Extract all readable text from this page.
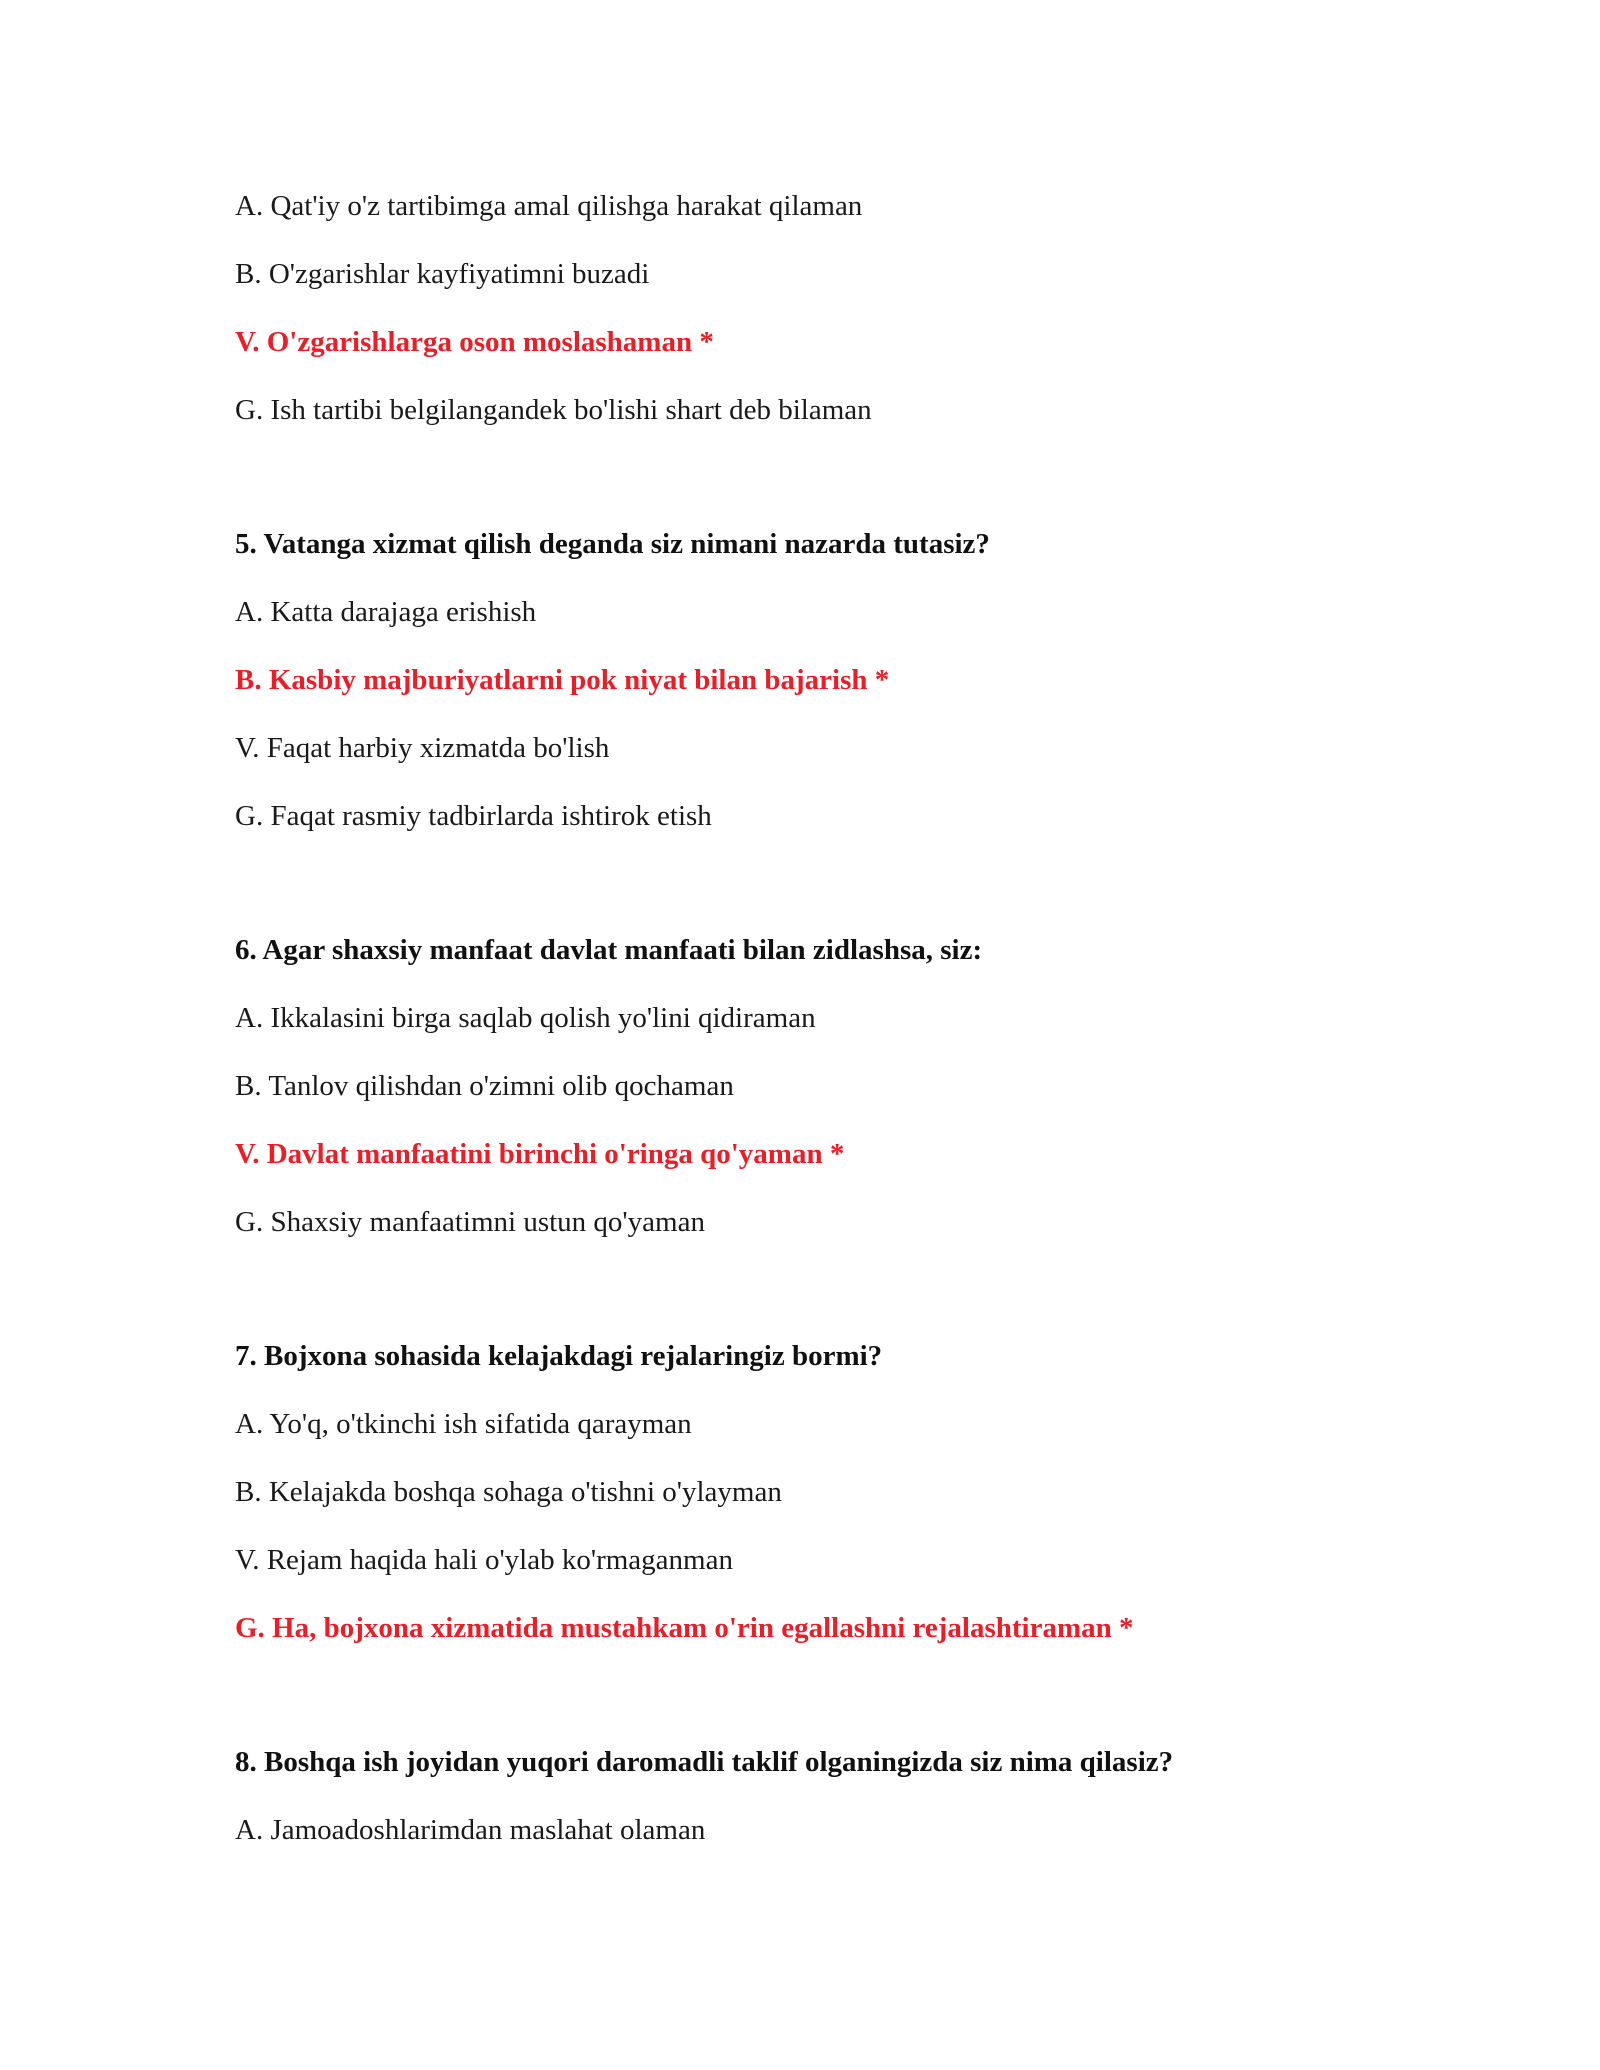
A. Qat'iy o'z tartibimga amal qilishga harakat qilaman
B. O'zgarishlar kayfiyatimni buzadi
V. O'zgarishlarga oson moslashaman *
G. Ish tartibi belgilangandek bo'lishi shart deb bilaman
5. Vatanga xizmat qilish deganda siz nimani nazarda tutasiz?
A. Katta darajaga erishish
B. Kasbiy majburiyatlarni pok niyat bilan bajarish *
V. Faqat harbiy xizmatda bo'lish
G. Faqat rasmiy tadbirlarda ishtirok etish
6. Agar shaxsiy manfaat davlat manfaati bilan zidlashsa, siz:
A. Ikkalasini birga saqlab qolish yo'lini qidiraman
B. Tanlov qilishdan o'zimni olib qochaman
V. Davlat manfaatini birinchi o'ringa qo'yaman *
G. Shaxsiy manfaatimni ustun qo'yaman
7. Bojxona sohasida kelajakdagi rejalaringiz bormi?
A. Yo'q, o'tkinchi ish sifatida qarayman
B. Kelajakda boshqa sohaga o'tishni o'ylayman
V. Rejam haqida hali o'ylab ko'rmaganman
G. Ha, bojxona xizmatida mustahkam o'rin egallashni rejalashtiraman *
8. Boshqa ish joyidan yuqori daromadli taklif olganingizda siz nima qilasiz?
A. Jamoadoshlarimdan maslahat olaman
